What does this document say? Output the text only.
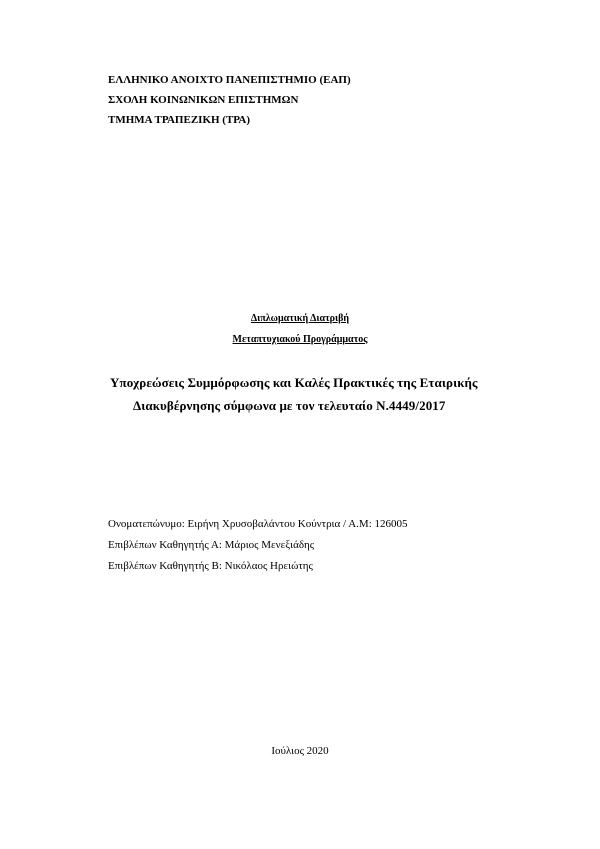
ΕΛΛΗΝΙΚΟ ΑΝΟΙΧΤΟ ΠΑΝΕΠΙΣΤΗΜΙΟ (ΕΑΠ)
ΣΧΟΛΗ ΚΟΙΝΩΝΙΚΩΝ ΕΠΙΣΤΗΜΩΝ
ΤΜΗΜΑ ΤΡΑΠΕΖΙΚΗ (ΤΡΑ)
Διπλωματική Διατριβή
Μεταπτυχιακού Προγράμματος
Υποχρεώσεις Συμμόρφωσης και Καλές Πρακτικές της Εταιρικής
Διακυβέρνησης σύμφωνα με τον τελευταίο Ν.4449/2017
Ονοματεπώνυμο: Ειρήνη Χρυσοβαλάντου Κούντρια / Α.Μ: 126005
Επιβλέπων Καθηγητής Α: Μάριος Μενεξιάδης
Επιβλέπων Καθηγητής Β: Νικόλαος Ηρειώτης
Ιούλιος 2020
